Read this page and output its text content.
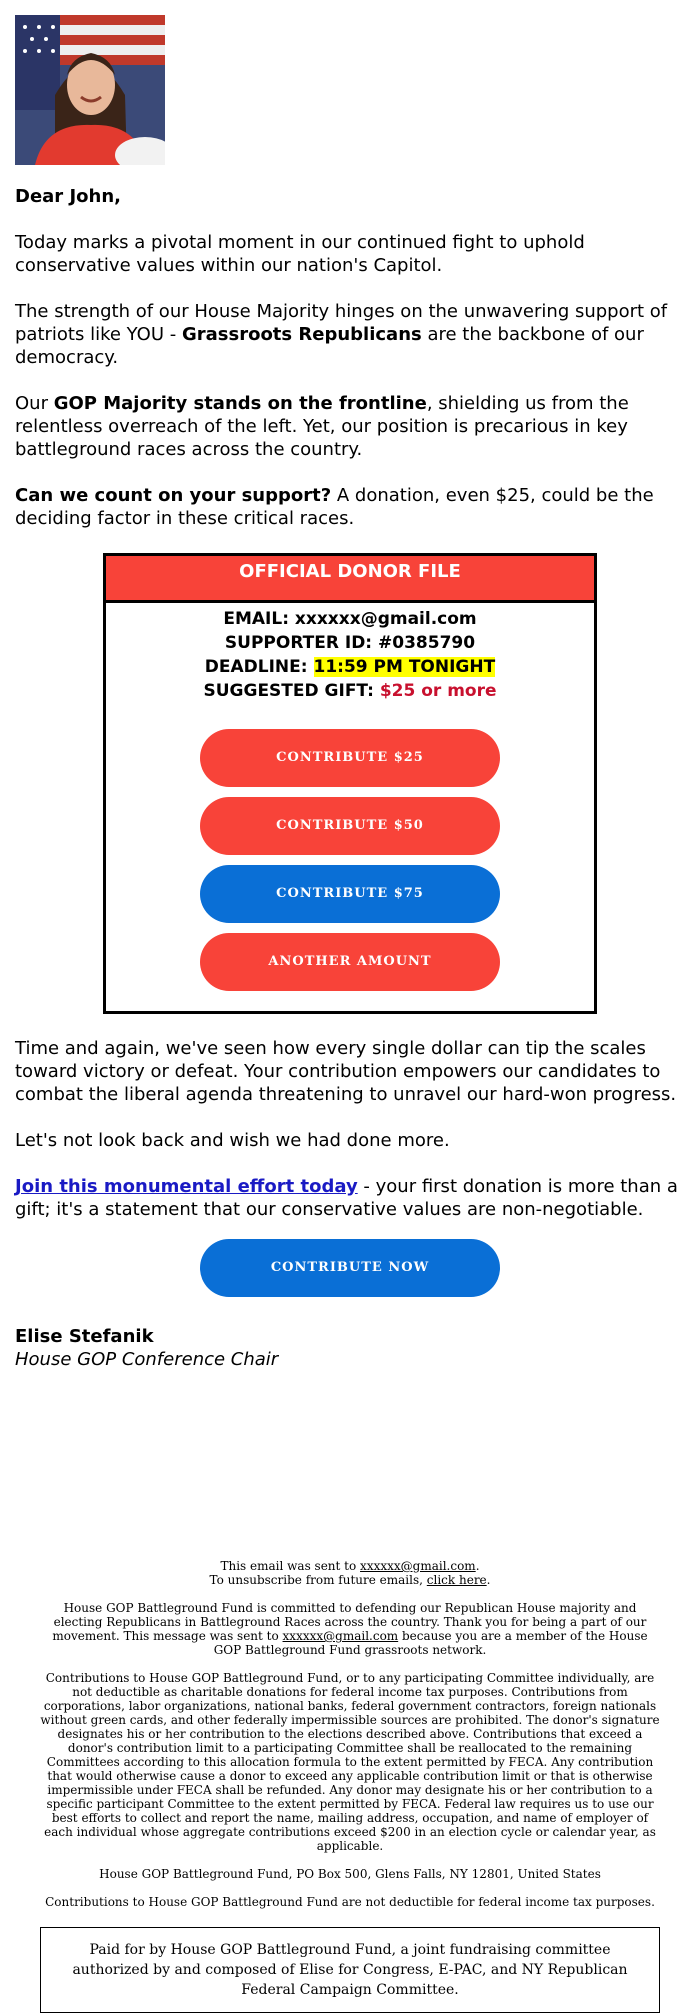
Dear John,

Today marks a pivotal moment in our continued fight to uphold conservative values within our nation's Capitol.

The strength of our House Majority hinges on the unwavering support of patriots like YOU - Grassroots Republicans are the backbone of our democracy.

Our GOP Majority stands on the frontline, shielding us from the relentless overreach of the left. Yet, our position is precarious in key battleground races across the country.

Can we count on your support? A donation, even $25, could be the deciding factor in these critical races.

OFFICIAL DONOR FILE
EMAIL: xxxxxx@gmail.com
SUPPORTER ID: #0385790
DEADLINE: 11:59 PM TONIGHT
SUGGESTED GIFT: $25 or more
CONTRIBUTE $25
CONTRIBUTE $50
CONTRIBUTE $75
ANOTHER AMOUNT

Time and again, we've seen how every single dollar can tip the scales toward victory or defeat. Your contribution empowers our candidates to combat the liberal agenda threatening to unravel our hard-won progress.

Let's not look back and wish we had done more.

Join this monumental effort today - your first donation is more than a gift; it's a statement that our conservative values are non-negotiable.

CONTRIBUTE NOW
Elise Stefanik
House GOP Conference Chair

This email was sent to xxxxxx@gmail.com.

To unsubscribe from future emails, click here.

House GOP Battleground Fund is committed to defending our Republican House majority and electing Republicans in Battleground Races across the country. Thank you for being a part of our movement. This message was sent to xxxxxx@gmail.com because you are a member of the House GOP Battleground Fund grassroots network.

Contributions to House GOP Battleground Fund, or to any participating Committee individually, are not deductible as charitable donations for federal income tax purposes. Contributions from corporations, labor organizations, national banks, federal government contractors, foreign nationals without green cards, and other federally impermissible sources are prohibited. The donor's signature designates his or her contribution to the elections described above. Contributions that exceed a donor's contribution limit to a participating Committee shall be reallocated to the remaining Committees according to this allocation formula to the extent permitted by FECA. Any contribution that would otherwise cause a donor to exceed any applicable contribution limit or that is otherwise impermissible under FECA shall be refunded. Any donor may designate his or her contribution to a specific participant Committee to the extent permitted by FECA. Federal law requires us to use our best efforts to collect and report the name, mailing address, occupation, and name of employer of each individual whose aggregate contributions exceed $200 in an election cycle or calendar year, as applicable.

House GOP Battleground Fund, PO Box 500, Glens Falls, NY 12801, United States

Contributions to House GOP Battleground Fund are not deductible for federal income tax purposes.

Paid for by House GOP Battleground Fund, a joint fundraising committee authorized by and composed of Elise for Congress, E-PAC, and NY Republican Federal Campaign Committee.
